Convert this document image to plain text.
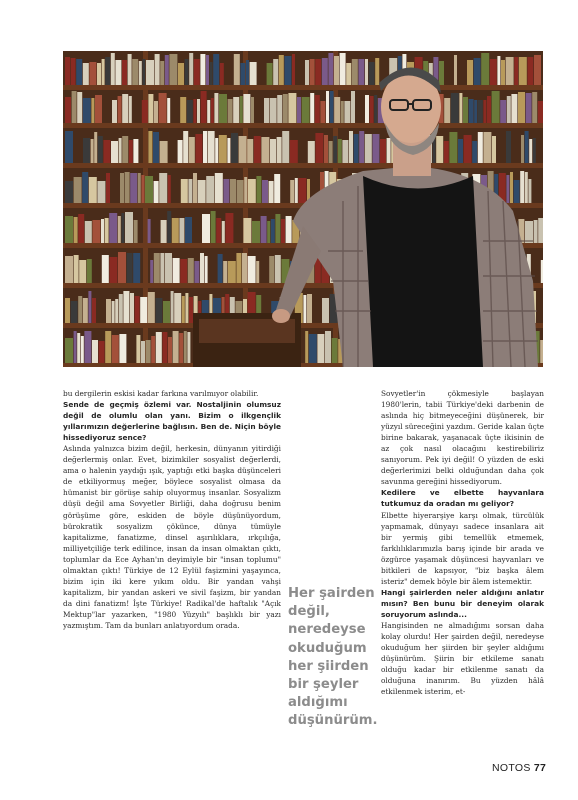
bu dergilerin eskisi kadar farkına varılmıyor olabilir.

Sende de geçmiş özlemi var. Nostaljinin olumsuz değil de olumlu olan yanı. Bizim o ilkgençlik yıllarımızın değerlerine bağlısın. Ben de. Niçin böyle hissediyoruz sence?

Aslında yalnızca bizim değil, herkesin, dünyanın yitirdiği değerlermiş onlar. Evet, bizimkiler sosyalist değerlerdi, ama o halenin yaydığı ışık, yaptığı etki başka düşünceleri de etkiliyormuş meğer, böylece sosyalist olmasa da hümanist bir görüşe sahip oluyormuş insanlar. Sosyalizm düşü değil ama Sovyetler Birliği, daha doğrusu benim görüşüme göre, eskiden de böyle düşünüyordum, bürokratik sosyalizm çökünce, dünya tümüyle kapitalizme, fanatizme, dinsel aşırılıklara, ırkçılığa, milliyetçiliğe terk edilince, insan da insan olmaktan çıktı, toplumlar da Ece Ayhan'ın deyimiyle bir "insan toplumu" olmaktan çıktı! Türkiye de 12 Eylül faşizmini yaşayınca, bizim için iki kere yıkım oldu. Bir yandan vahşi kapitalizm, bir yandan askeri ve sivil faşizm, bir yandan da dini fanatizm! İşte Türkiye! Radikal'de haftalık "Açık Mektup"lar yazarken, "1980 Yüzyılı" başlıklı bir yazı yazmıştım. Tam da bunları anlatıyordum orada.

Her şairden değil, neredeyse okuduğum her şiirden bir şeyler aldığımı düşünürüm.

Sovyetler'in çökmesiyle başlayan 1980'lerin, tabii Türkiye'deki darbenin de aslında hiç bitmeyeceğini düşünerek, bir yüzyıl süreceğini yazdım. Geride kalan üçte birine bakarak, yaşanacak üçte ikisinin de az çok nasıl olacağını kestirebiliriz sanıyorum. Pek iyi değil! O yüzden de eski değerlerimizi belki olduğundan daha çok savunma gereğini hissediyorum.

Kedilere ve elbette hayvanlara tutkumuz da oradan mı geliyor?

Elbette hiyerarşiye karşı olmak, türcülük yapmamak, dünyayı sadece insanlara ait bir yermiş gibi temellük etmemek, farklılıklarımızla barış içinde bir arada ve özgürce yaşamak düşüncesi hayvanları ve bitkileri de kapsıyor, "biz başka âlem isteriz" demek böyle bir âlem istemektir.

Hangi şairlerden neler aldığını anlatır mısın? Ben bunu bir deneyim olarak soruyorum aslında...

Hangisinden ne almadığımı sorsan daha kolay olurdu! Her şairden değil, neredeyse okuduğum her şiirden bir şeyler aldığımı düşünürüm. Şiirin bir etkileme sanatı olduğu kadar bir etkilenme sanatı da olduğuna inanırım. Bu yüzden hâlâ etkilenmek isterim, et-

NOTOS 77
